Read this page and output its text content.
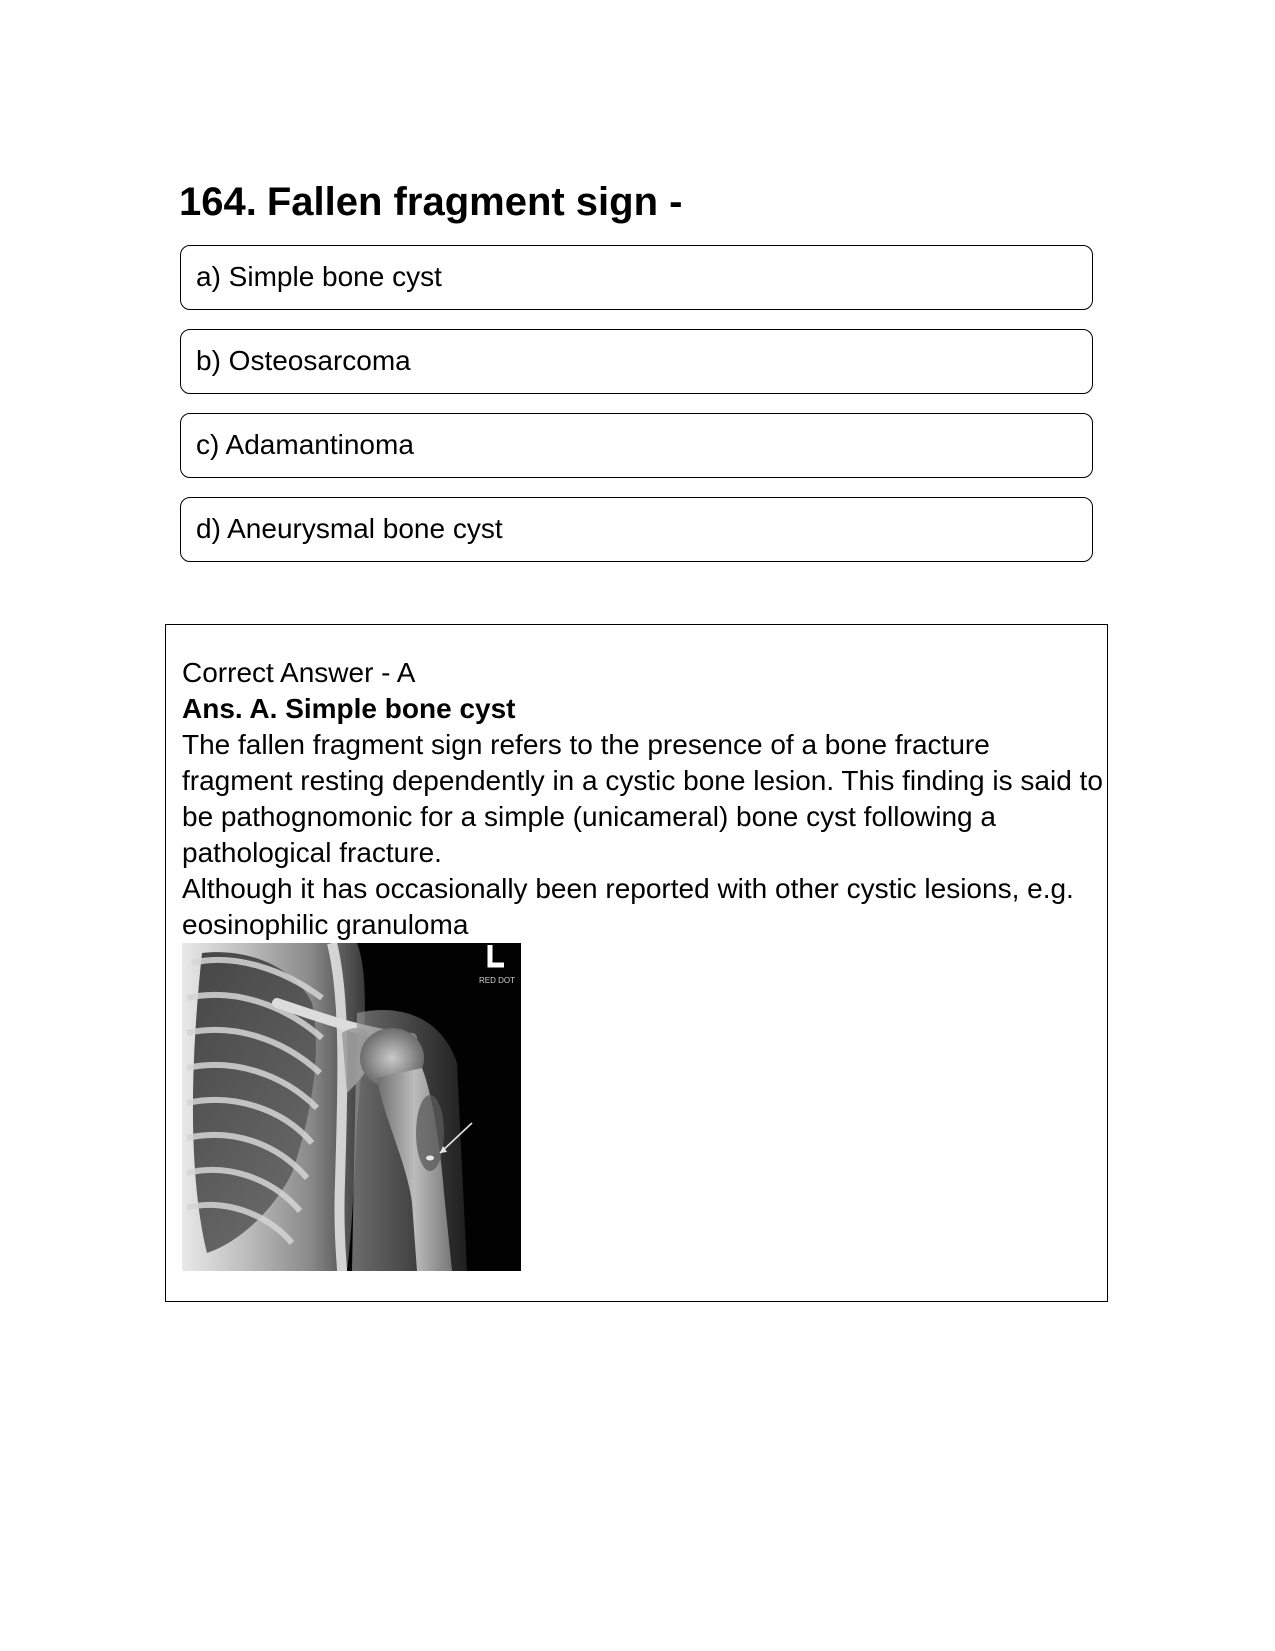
164. Fallen fragment sign -
a) Simple bone cyst
b) Osteosarcoma
c) Adamantinoma
d) Aneurysmal bone cyst

Correct Answer - A

Ans. A. Simple bone cyst

The fallen fragment sign refers to the presence of a bone fracture fragment resting dependently in a cystic bone lesion. This finding is said to be pathognomonic for a simple (unicameral) bone cyst following a pathological fracture.

Although it has occasionally been reported with other cystic lesions, e.g. eosinophilic granuloma

RED DOT
